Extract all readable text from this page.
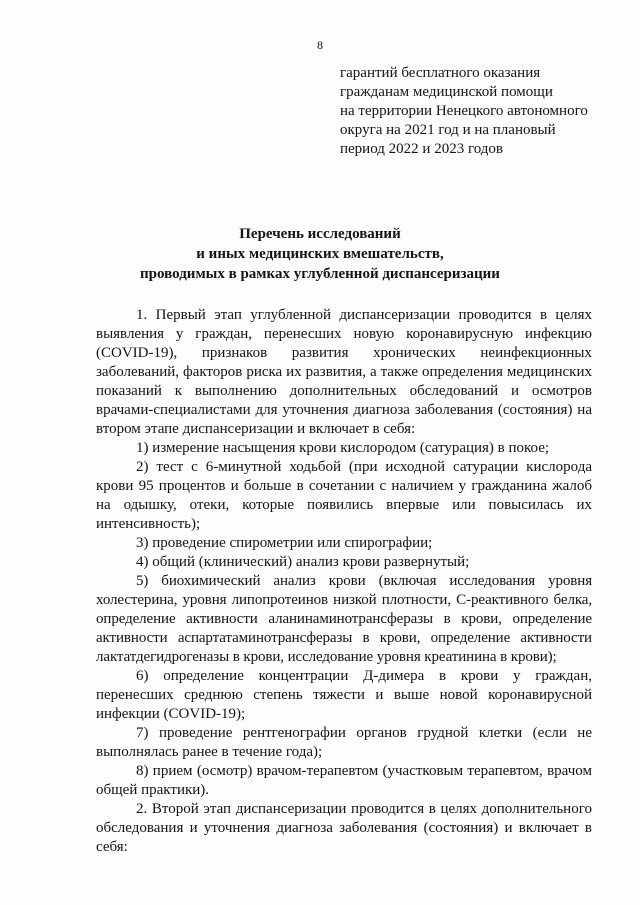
8
гарантий бесплатного оказания
гражданам медицинской помощи
на территории Ненецкого автономного
округа на 2021 год и на плановый
период 2022 и 2023 годов
Перечень исследований
и иных медицинских вмешательств,
проводимых в рамках углубленной диспансеризации

1. Первый этап углубленной диспансеризации проводится в целях выявления у граждан, перенесших новую коронавирусную инфекцию (COVID-19), признаков развития хронических неинфекционных заболеваний, факторов риска их развития, а также определения медицинских показаний к выполнению дополнительных обследований и осмотров врачами-специалистами для уточнения диагноза заболевания (состояния) на втором этапе диспансеризации и включает в себя:

1) измерение насыщения крови кислородом (сатурация) в покое;

2) тест с 6-минутной ходьбой (при исходной сатурации кислорода крови 95 процентов и больше в сочетании с наличием у гражданина жалоб на одышку, отеки, которые появились впервые или повысилась их интенсивность);

3) проведение спирометрии или спирографии;

4) общий (клинический) анализ крови развернутый;

5) биохимический анализ крови (включая исследования уровня холестерина, уровня липопротеинов низкой плотности, С-реактивного белка, определение активности аланинаминотрансферазы в крови, определение активности аспартатаминотрансферазы в крови, определение активности лактатдегидрогеназы в крови, исследование уровня креатинина в крови);

6) определение концентрации Д-димера в крови у граждан, перенесших среднюю степень тяжести и выше новой коронавирусной инфекции (COVID-19);

7) проведение рентгенографии органов грудной клетки (если не выполнялась ранее в течение года);

8) прием (осмотр) врачом-терапевтом (участковым терапевтом, врачом общей практики).

2. Второй этап диспансеризации проводится в целях дополнительного обследования и уточнения диагноза заболевания (состояния) и включает в себя:
